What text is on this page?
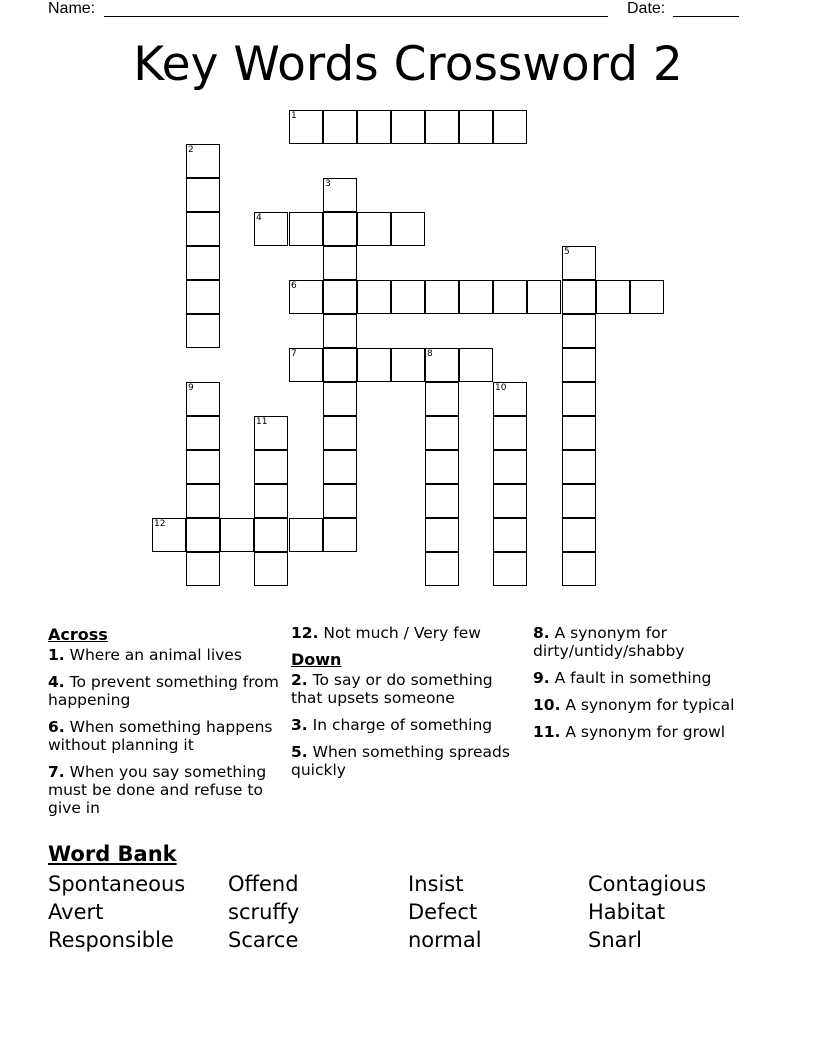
Name:	Date:
Key Words Crossword 2
1
2
3
4
5
6
7	8
9	10
11
12
Across
1. Where an animal lives
4. To prevent something from happening
6. When something happens without planning it
7. When you say something must be done and refuse to give in
12. Not much / Very few
Down
2. To say or do something that upsets someone
3. In charge of something
5. When something spreads quickly
8. A synonym for dirty/untidy/shabby
9. A fault in something
10. A synonym for typical
11. A synonym for growl
Word Bank
Spontaneous	Offend	Insist	Contagious
Avert	scruffy	Defect	Habitat
Responsible	Scarce	normal	Snarl
